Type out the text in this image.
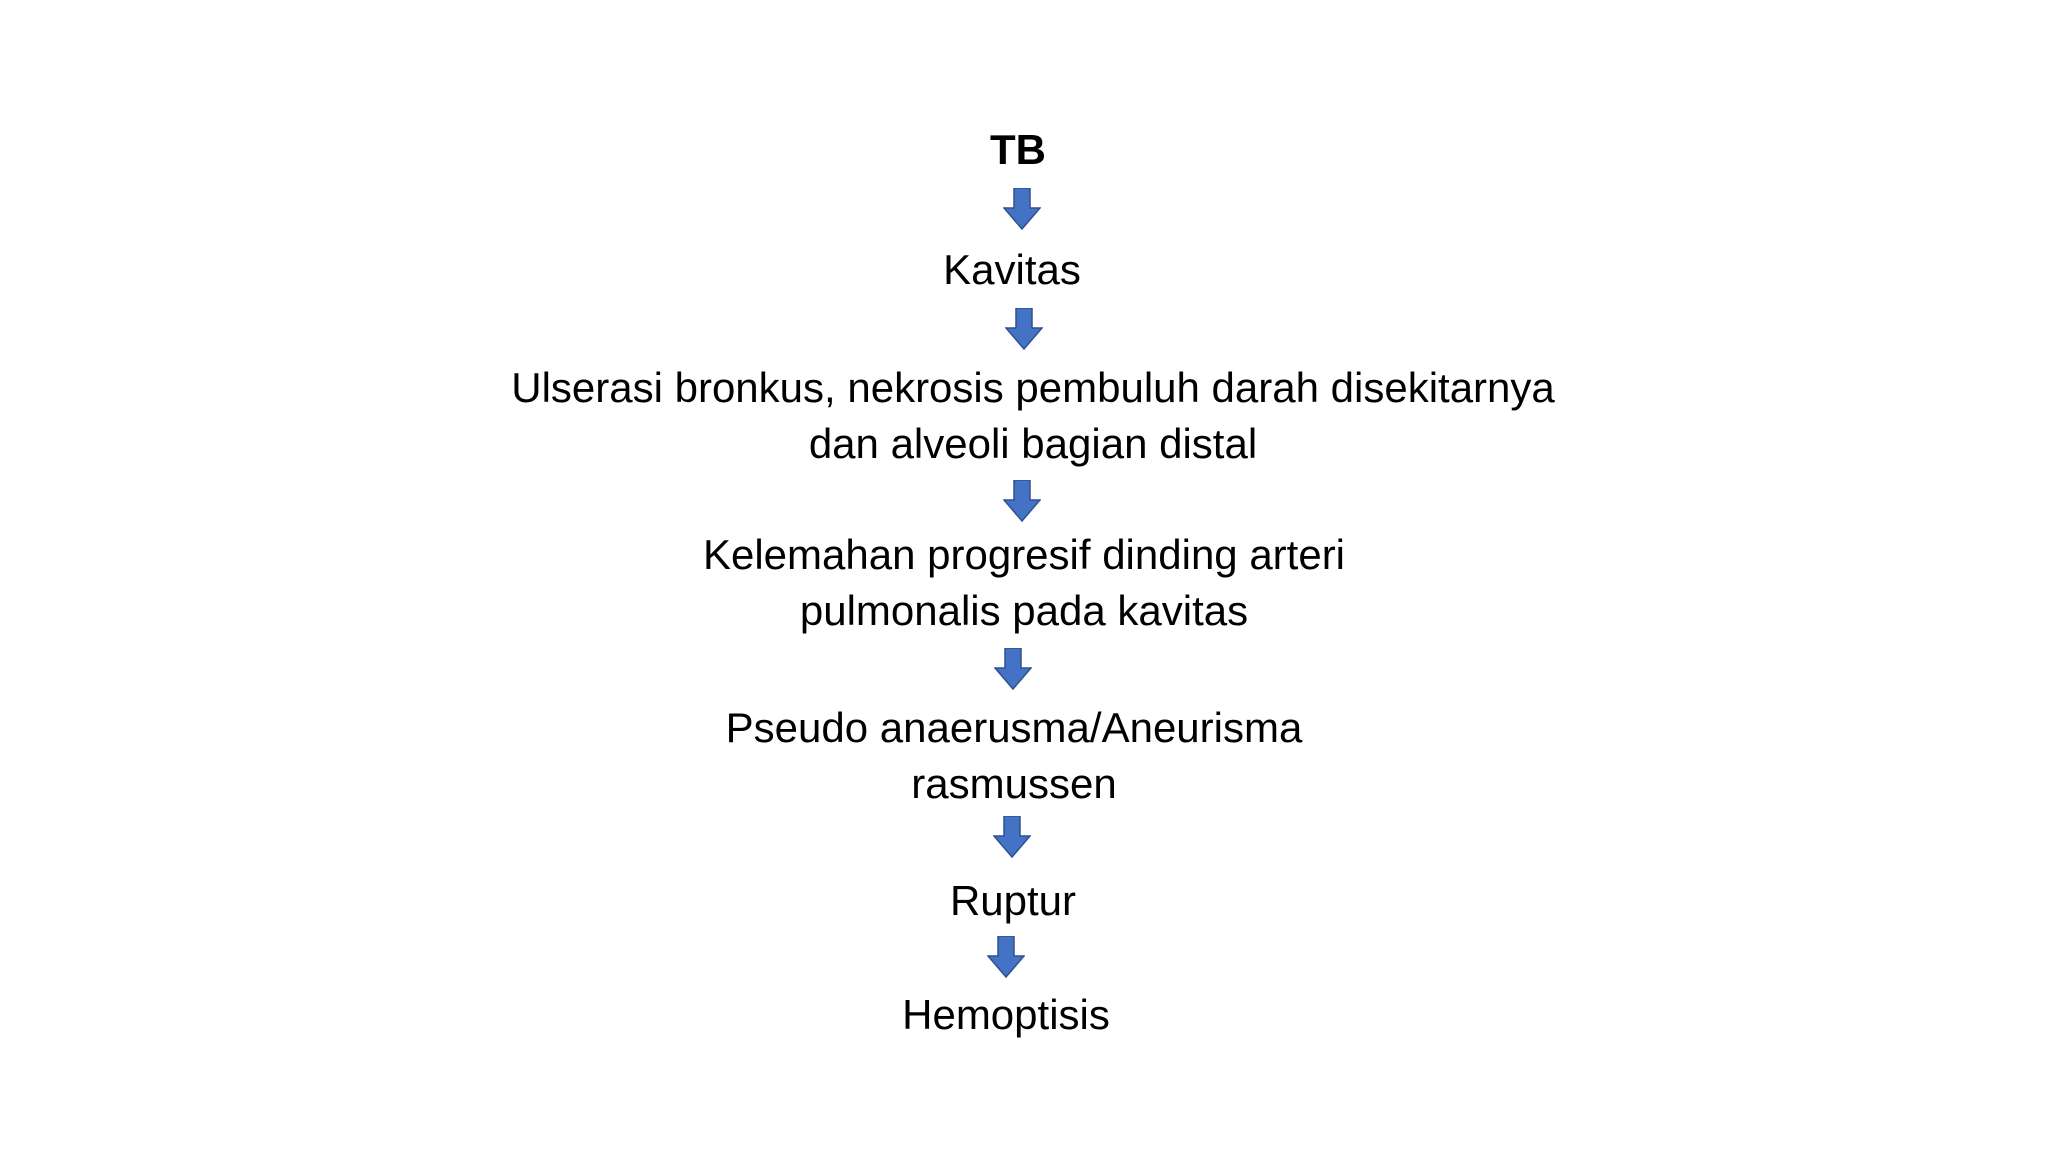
TB
Kavitas
Ulserasi bronkus, nekrosis pembuluh darah disekitarnya
dan alveoli bagian distal
Kelemahan progresif dinding arteri
pulmonalis pada kavitas
Pseudo anaerusma/Aneurisma
rasmussen
Ruptur
Hemoptisis
